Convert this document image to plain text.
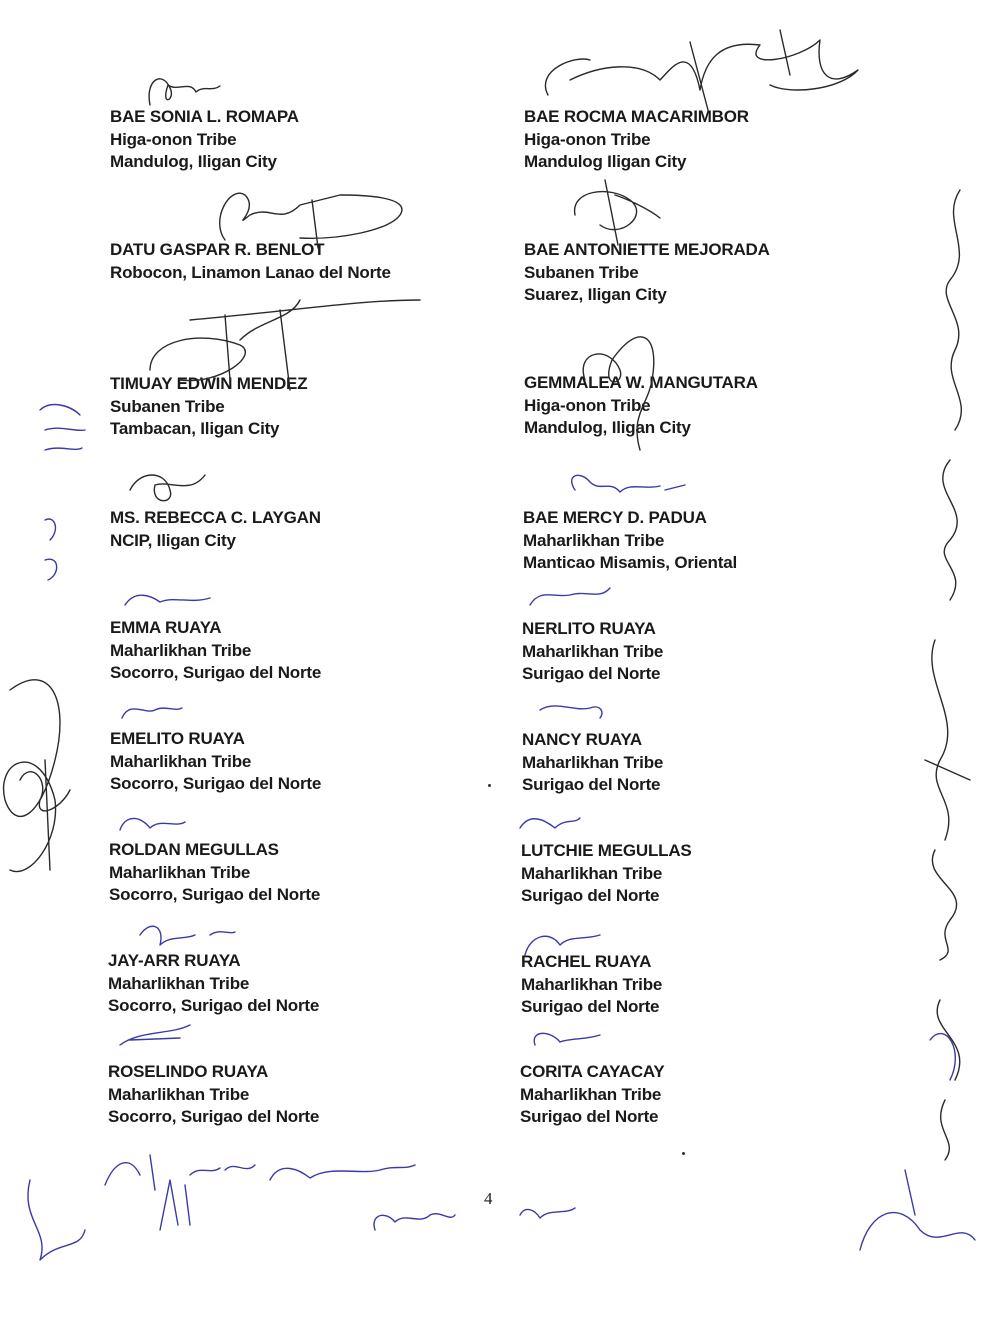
BAE SONIA L. ROMAPA
Higa-onon Tribe
Mandulog, Iligan City
DATU GASPAR R. BENLOT
Robocon, Linamon Lanao del Norte
TIMUAY EDWIN MENDEZ
Subanen Tribe
Tambacan, Iligan City
MS. REBECCA C. LAYGAN
NCIP, Iligan City
EMMA RUAYA
Maharlikhan Tribe
Socorro, Surigao del Norte
EMELITO RUAYA
Maharlikhan Tribe
Socorro, Surigao del Norte
ROLDAN MEGULLAS
Maharlikhan Tribe
Socorro, Surigao del Norte
JAY-ARR RUAYA
Maharlikhan Tribe
Socorro, Surigao del Norte
ROSELINDO RUAYA
Maharlikhan Tribe
Socorro, Surigao del Norte
BAE ROCMA MACARIMBOR
Higa-onon Tribe
Mandulog Iligan City
BAE ANTONIETTE MEJORADA
Subanen Tribe
Suarez, Iligan City
GEMMALEA W. MANGUTARA
Higa-onon Tribe
Mandulog, Iligan City
BAE MERCY D. PADUA
Maharlikhan Tribe
Manticao Misamis, Oriental
NERLITO RUAYA
Maharlikhan Tribe
Surigao del Norte
NANCY RUAYA
Maharlikhan Tribe
Surigao del Norte
LUTCHIE MEGULLAS
Maharlikhan Tribe
Surigao del Norte
RACHEL RUAYA
Maharlikhan Tribe
Surigao del Norte
CORITA CAYACAY
Maharlikhan Tribe
Surigao del Norte
4
